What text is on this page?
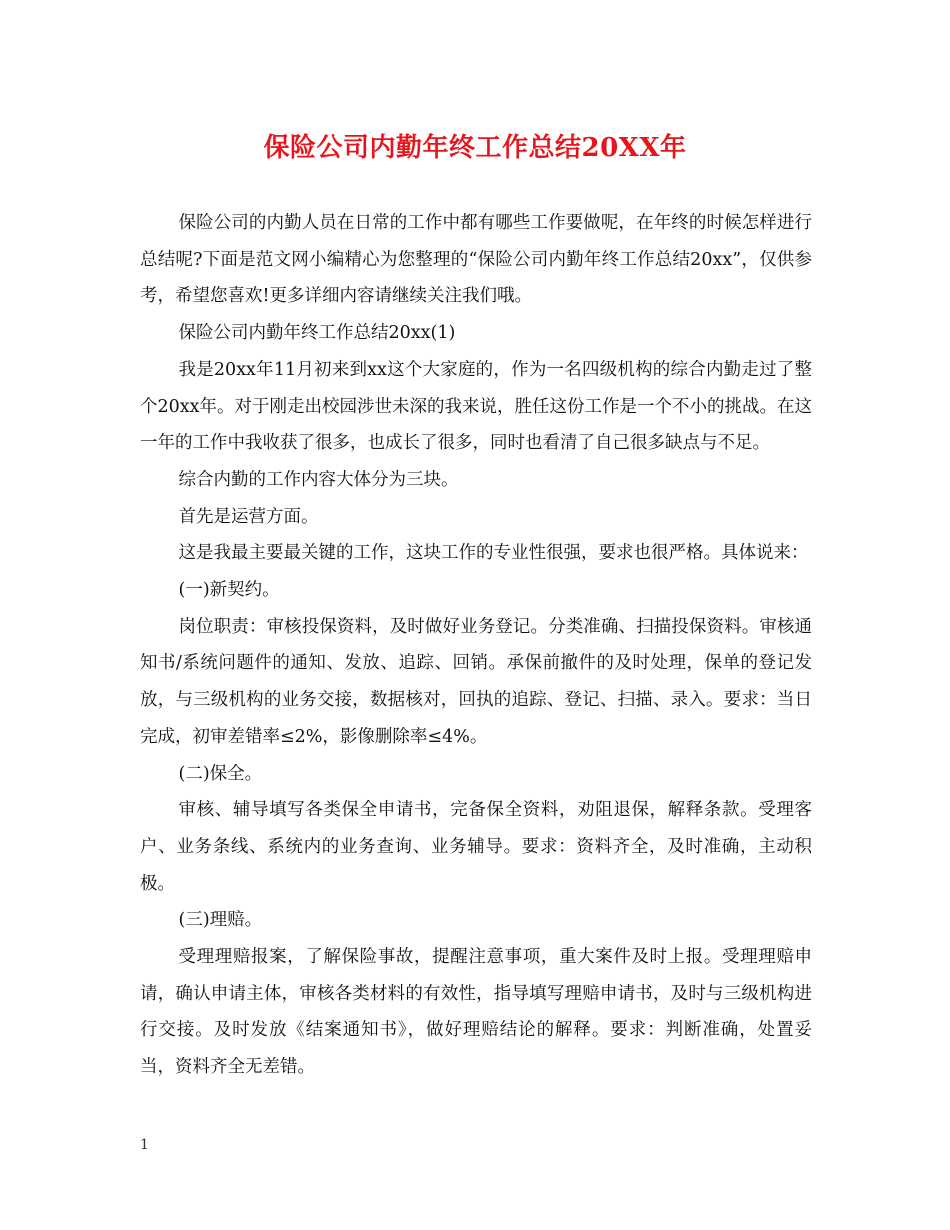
保险公司内勤年终工作总结20XX年

保险公司的内勤人员在日常的工作中都有哪些工作要做呢，在年终的时候怎样进行总结呢?下面是范文网小编精心为您整理的“保险公司内勤年终工作总结20xx”，仅供参考，希望您喜欢!更多详细内容请继续关注我们哦。

保险公司内勤年终工作总结20xx(1)

我是20xx年11月初来到xx这个大家庭的，作为一名四级机构的综合内勤走过了整个20xx年。对于刚走出校园涉世未深的我来说，胜任这份工作是一个不小的挑战。在这一年的工作中我收获了很多，也成长了很多，同时也看清了自己很多缺点与不足。

综合内勤的工作内容大体分为三块。

首先是运营方面。

这是我最主要最关键的工作，这块工作的专业性很强，要求也很严格。具体说来：

(一)新契约。

岗位职责：审核投保资料，及时做好业务登记。分类准确、扫描投保资料。审核通知书/系统问题件的通知、发放、追踪、回销。承保前撤件的及时处理，保单的登记发放，与三级机构的业务交接，数据核对，回执的追踪、登记、扫描、录入。要求：当日完成，初审差错率≤2%，影像删除率≤4%。

(二)保全。

审核、辅导填写各类保全申请书，完备保全资料，劝阻退保，解释条款。受理客户、业务条线、系统内的业务查询、业务辅导。要求：资料齐全，及时准确，主动积极。

(三)理赔。

受理理赔报案，了解保险事故，提醒注意事项，重大案件及时上报。受理理赔申请，确认申请主体，审核各类材料的有效性，指导填写理赔申请书，及时与三级机构进行交接。及时发放《结案通知书》，做好理赔结论的解释。要求：判断准确，处置妥当，资料齐全无差错。

1
